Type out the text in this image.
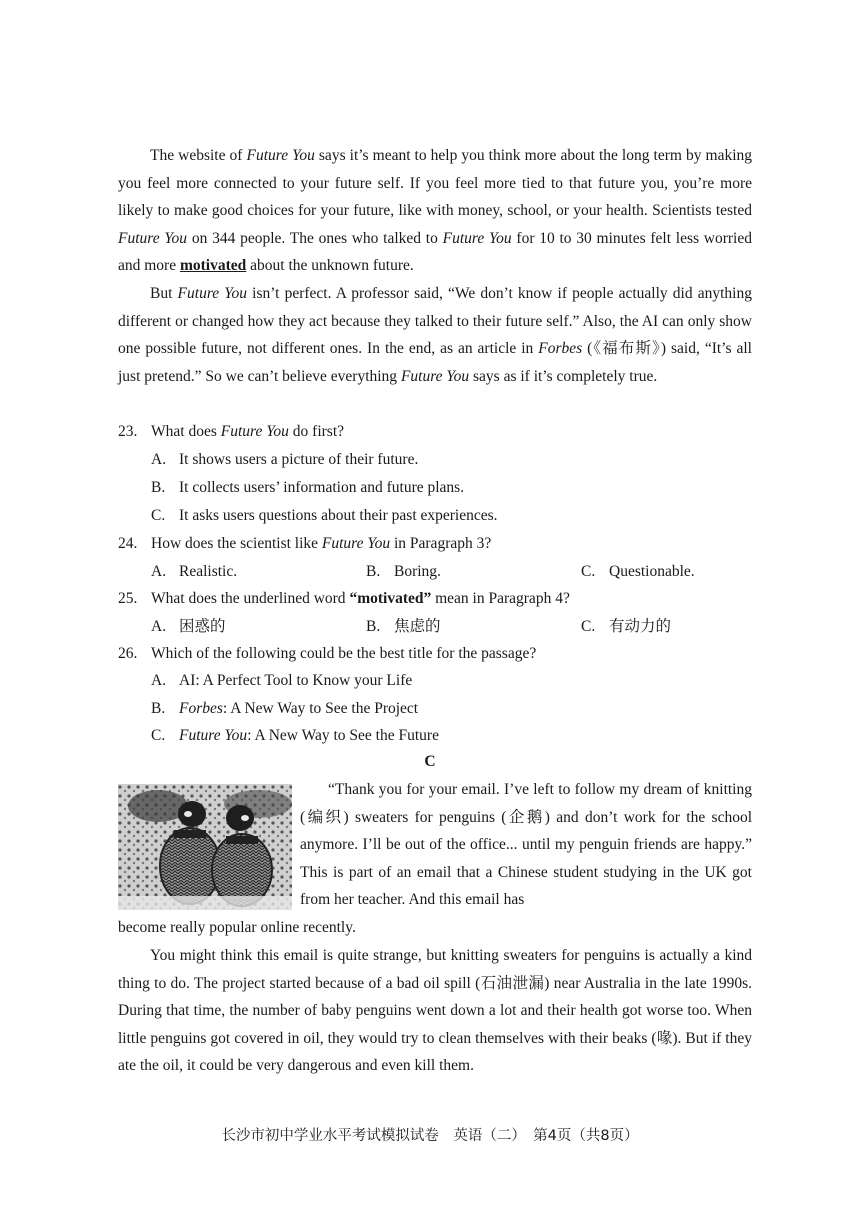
The website of Future You says it’s meant to help you think more about the long term by making you feel more connected to your future self. If you feel more tied to that future you, you’re more likely to make good choices for your future, like with money, school, or your health. Scientists tested Future You on 344 people. The ones who talked to Future You for 10 to 30 minutes felt less worried and more motivated about the unknown future.

But Future You isn’t perfect. A professor said, “We don’t know if people actually did anything different or changed how they act because they talked to their future self.” Also, the AI can only show one possible future, not different ones. In the end, as an article in Forbes (《福布斯》) said, “It’s all just pretend.” So we can’t believe everything Future You says as if it’s completely true.

23. What does Future You do first?

A. It shows users a picture of their future.
B. It collects users’ information and future plans.
C. It asks users questions about their past experiences.

24. How does the scientist like Future You in Paragraph 3?

A. Realistic.	B. Boring.	C. Questionable.

25. What does the underlined word “motivated” mean in Paragraph 4?

A. 困惑的	B. 焦虑的	C. 有动力的

26. Which of the following could be the best title for the passage?

A. AI: A Perfect Tool to Know your Life
B. Forbes: A New Way to See the Project
C. Future You: A New Way to See the Future
C

“Thank you for your email. I’ve left to follow my dream of knitting (编织) sweaters for penguins (企鹅) and don’t work for the school anymore. I’ll be out of the office... until my penguin friends are happy.” This is part of an email that a Chinese student studying in the UK got from her teacher. And this email has

become really popular online recently.

You might think this email is quite strange, but knitting sweaters for penguins is actually a kind thing to do. The project started because of a bad oil spill (石油泄漏) near Australia in the late 1990s. During that time, the number of baby penguins went down a lot and their health got worse too. When little penguins got covered in oil, they would try to clean themselves with their beaks (喙). But if they ate the oil, it could be very dangerous and even kill them.

长沙市初中学业水平考试模拟试卷　英语（二）　第4页（共8页）
